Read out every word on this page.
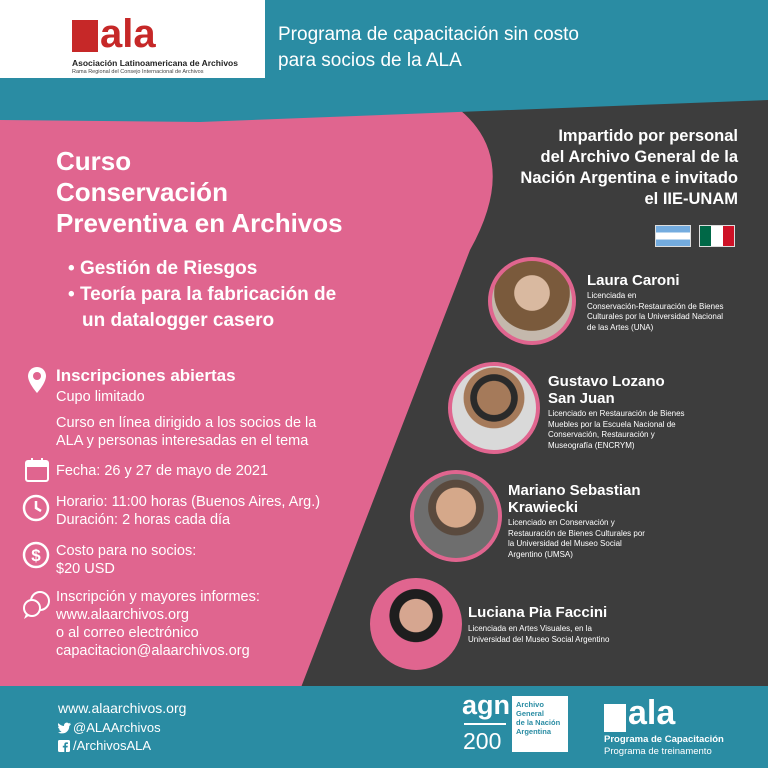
ala
Asociación Latinoamericana de Archivos
Rama Regional del Consejo Internacional de Archivos
Programa de capacitación sin costo
para socios de la ALA
Curso
Conservación
Preventiva en Archivos
• Gestión de Riesgos
• Teoría para la fabricación de
un datalogger casero
Inscripciones abiertas
Cupo limitado
Curso en línea dirigido a los socios de la
ALA y personas interesadas en el tema
Fecha: 26 y 27 de mayo de 2021
Horario: 11:00 horas (Buenos Aires, Arg.)
Duración: 2 horas cada día
$ Costo para no socios:
$20 USD
Inscripción y mayores informes:
www.alaarchivos.org
o al correo electrónico
capacitacion@alaarchivos.org
Impartido por personal
del Archivo General de la
Nación Argentina e invitado
el IIE-UNAM
Laura Caroni
Licenciada en
Conservación-Restauración de Bienes
Culturales por la Universidad Nacional
de las Artes (UNA)
Gustavo Lozano
San Juan
Licenciado en Restauración de Bienes
Muebles por la Escuela Nacional de
Conservación, Restauración y
Museografía (ENCRYM)
Mariano Sebastian
Krawiecki
Licenciado en Conservación y
Restauración de Bienes Culturales por
la Universidad del Museo Social
Argentino (UMSA)
Luciana Pia Faccini
Licenciada en Artes Visuales, en la
Universidad del Museo Social Argentino
www.alaarchivos.org
@ALAArchivos
/ArchivosALA
agn
200
Archivo
General
de la Nación
Argentina	ala
Programa de Capacitación
Programa de treinamento
